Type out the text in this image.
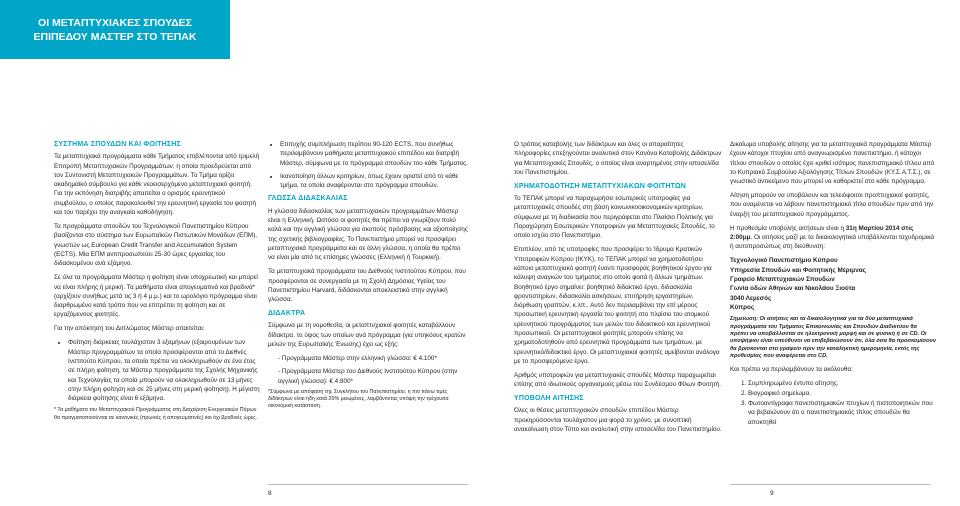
ΟΙ ΜΕΤΑΠΤΥΧΙΑΚΕΣ ΣΠΟΥΔΕΣ
ΕΠΙΠΕΔΟΥ ΜΑΣΤΕΡ ΣΤΟ ΤΕΠΑΚ
ΣΥΣΤΗΜΑ ΣΠΟΥΔΩΝ ΚΑΙ ΦΟΙΤΗΣΗΣ

Τα μεταπτυχιακά προγράμματα κάθε Τμήματος επιβλέπονται από τριμελή Επιτροπή Μεταπτυχιακών Προγραμμάτων, η οποία προεδρεύεται από τον Συντονιστή Μεταπτυχιακών Προγραμμάτων. Το Τμήμα ορίζει ακαδημαϊκό σύμβουλο για κάθε νεοεισερχόμενο μεταπτυχιακό φοιτητή. Για την εκπόνηση διατριβής απαιτείται ο ορισμός ερευνητικού συμβούλου, ο οποίος παρακολουθεί την ερευνητική εργασία του φοιτητή και του παρέχει την αναγκαία καθοδήγηση.

Τα προγράμματα σπουδών του Τεχνολογικού Πανεπιστημίου Κύπρου βασίζονται στο σύστημα των Ευρωπαϊκών Πιστωτικών Μονάδων (ΕΠΜ), γνωστών ως European Credit Transfer and Accumulation System (ECTS). Μία ΕΠΜ αντιπροσωπεύει 25-30 ώρες εργασίας του διδασκομένου ανά εξάμηνο.

Σε όλα τα προγράμματα Μάστερ η φοίτηση είναι υποχρεωτική και μπορεί να είναι πλήρης ή μερική. Τα μαθήματα είναι απογευματινά και βραδινά* (αρχίζουν συνήθως μετά τις 3 ή 4 μ.μ.) και το ωρολόγιο πρόγραμμα είναι διαρθρωμένο κατά τρόπο που να επιτρέπει τη φοίτηση και σε εργαζόμενους φοιτητές.

Για την απόκτηση του Διπλώματος Μάστερ απαιτείται:

• Φοίτηση διάρκειας τουλάχιστον 3 εξαμήνων (εξαιρουμένων των Μάστερ προγραμμάτων τα οποία προσφέρονται από το Διεθνές Ινστιτούτο Κύπρου, τα οποία πρέπει να ολοκληρωθούν σε ένα έτος σε πλήρη φοίτηση, τα Μάστερ προγράμματα της Σχολής Μηχανικής και Τεχνολογίας τα οποία μπορούν να ολοκληρωθούν σε 13 μήνες στην πλήρη φοίτηση και σε 25 μήνες στη μερική φοίτηση). Η μέγιστη διάρκεια φοίτησης είναι 6 εξάμηνα.
* Τα μαθήματα του Μεταπτυχιακού Προγράμματος στη Διαχείριση Ενεργειακών Πόρων θα πραγματοποιούνται σε κανονικές (πρωινές ή απογευματινές) και όχι βραδινές ώρες.
• Επιτυχής συμπλήρωση περίπου 90-120 ECTS, που συνήθως περιλαμβάνουν μαθήματα μεταπτυχιακού επιπέδου και διατριβή Μάστερ, σύμφωνα με το πρόγραμμα σπουδών του κάθε Τμήματος.
• Ικανοποίηση άλλων κριτηρίων, όπως έχουν οριστεί από το κάθε τμήμα, τα οποία αναφέρονται στο πρόγραμμα σπουδών.
ΓΛΩΣΣΑ ΔΙΔΑΣΚΑΛΙΑΣ

Η γλώσσα διδασκαλίας των μεταπτυχιακών προγραμμάτων Μάστερ είναι η Ελληνική. Ωστόσο οι φοιτητές θα πρέπει να γνωρίζουν πολύ καλά και την αγγλική γλώσσα για σκοπούς πρόσβασης και αξιοποίησης της σχετικής βιβλιογραφίας. Το Πανεπιστήμιο μπορεί να προσφέρει μεταπτυχιακά προγράμματα και σε άλλη γλώσσα, η οποία θα πρέπει να είναι μία από τις επίσημες γλώσσες (Ελληνική ή Τουρκική).

Τα μεταπτυχιακά προγράμματα του Διεθνούς Ινστιτούτου Κύπρου, που προσφέρονται σε συνεργασία με τη Σχολή Δημόσιας Υγείας του Πανεπιστημίου Harvard, διδάσκονται αποκλειστικά στην αγγλική γλώσσα.

ΔΙΔΑΚΤΡΑ

Σύμφωνα με τη νομοθεσία, οι μεταπτυχιακοί φοιτητές καταβάλλουν δίδακτρα, το ύψος των οποίων ανά πρόγραμμα (για υπηκόους κρατών μελών της Ευρωπαϊκής Ένωσης) έχει ως εξής:

- Προγράμματα Μάστερ στην ελληνική γλώσσα: € 4.100*
- Προγράμματα Μάστερ του Διεθνούς Ινστιτούτου Κύπρου (στην αγγλική γλώσσα): € 4.800*
*Σύμφωνα με απόφαση της Συγκλήτου του Πανεπιστημίου, η πιο πάνω τιμές διδάκτρων είναι ήδη κατά 20% μειωμένες, λαμβάνοντας υπόψη την τρέχουσα οικονομική κατάσταση.

Ο τρόπος καταβολής των διδάκτρων και όλες οι απαραίτητες πληροφορίες επεξηγούνται αναλυτικά στον Κανόνα Καταβολής Διδάκτρων για Μεταπτυχιακές Σπουδές, ο οποίος είναι αναρτημένος στην ιστοσελίδα του Πανεπιστημίου.

ΧΡΗΜΑΤΟΔΟΤΗΣΗ ΜΕΤΑΠΤΥΧΙΑΚΩΝ ΦΟΙΤΗΤΩΝ

Το ΤΕΠΑΚ μπορεί να παραχωρήσει εσωτερικές υποτροφίες για μεταπτυχιακές σπουδές στη βάση κοινωνικοοικονομικών κριτηρίων, σύμφωνα με τη διαδικασία που περιγράφεται στο Πλαίσιο Πολιτικής για Παραχώρηση Εσωτερικών Υποτροφιών για Μεταπτυχιακές Σπουδές, το οποίο ισχύει στο Πανεπιστήμιο.

Επιπλέον, από τις υποτροφίες που προσφέρει το Ίδρυμα Κρατικών Υποτροφιών Κύπρου (ΙΚΥΚ), το ΤΕΠΑΚ μπορεί να χρηματοδοτήσει κάποιο μεταπτυχιακό φοιτητή έναντι προσφοράς βοηθητικού έργου για κάλυψη αναγκών του τμήματος στο οποίο φοιτά ή άλλων τμημάτων. Βοηθητικό έργο σημαίνει: βοηθητικό διδακτικό έργο, διδασκαλία φροντιστηρίων, διδασκαλία ασκήσεων, επιτήρηση εργαστηρίων, διόρθωση γραπτών, κ.λπ.. Αυτό δεν περιλαμβάνει την επί μέρους προσωπική ερευνητική εργασία του φοιτητή στο πλαίσιο του ατομικού ερευνητικού προγράμματος των μελών του διδακτικού και ερευνητικού προσωπικού. Οι μεταπτυχιακοί φοιτητές μπορούν επίσης να χρηματοδοτηθούν από ερευνητικά προγράμματα των τμημάτων, με ερευνητικό/διδακτικό έργο. Οι μεταπτυχιακοί φοιτητές αμείβονται ανάλογα με το προσφερόμενο έργο.

Αριθμός υποτροφιών για μεταπτυχιακές σπουδές Μάστερ παραχωρείται επίσης από ιδιωτικούς οργανισμούς μέσω του Συνδέσμου Φίλων Φοιτητή.

ΥΠΟΒΟΛΗ ΑΙΤΗΣΗΣ

Όλες οι θέσεις μεταπτυχιακών σπουδών επιπέδου Μάστερ προκηρύσσονται τουλάχιστον μια φορά το χρόνο, με συνοπτική ανακοίνωση στον Τύπο και αναλυτική στην ιστοσελίδα του Πανεπιστημίου.

Δικαίωμα υποβολής αίτησης για τα μεταπτυχιακά προγράμματα Μάστερ έχουν κάτοχοι πτυχίου από αναγνωρισμένο πανεπιστήμιο, ή κάτοχοι τίτλου σπουδών ο οποίος έχει κριθεί ισότιμος πανεπιστημιακό τίτλου από το Κυπριακό Συμβούλιο Αξιολόγησης Τίτλων Σπουδών (ΚΥ.Σ.Α.Τ.Σ.), σε γνωστικό αντικείμενο που μπορεί να καθοριστεί στο κάθε πρόγραμμα.

Αίτηση μπορούν να υποβάλουν και τελειόφοιτοι προπτυχιακοί φοιτητές, που αναμένεται να λάβουν πανεπιστημιακό τίτλο σπουδών πριν από την έναρξη του μεταπτυχιακού προγράμματος.

Η προθεσμία υποβολής αιτήσεων είναι η 31η Μαρτίου 2014 στις 2:00μμ. Οι αιτήσεις μαζί με τα δικαιολογητικά υποβάλλονται ταχυδρομικά ή αυτοπροσώπως στη διεύθυνση:

Τεχνολογικό Πανεπιστήμιο Κύπρου
Υπηρεσία Σπουδών και Φοιτητικής Μέριμνας
Γραφείο Μεταπτυχιακών Σπουδών
Γωνία οδών Αθηνών και Νικολάου Ξιούτα
3040 Λεμεσός
Κύπρος
Σημείωση: Οι αιτήσεις και τα δικαιολογητικά για τα δύο μεταπτυχιακά προγράμματα του Τμήματος Επικοινωνίας και Σπουδών Διαδικτύου θα πρέπει να υποβάλλονται σε ηλεκτρονική μορφή και σε φυσική ή σε CD. Οι υποψήφιοι είναι υπεύθυνοι να επιβεβαιώσουν ότι, όλα όσα θα προσκομίσουν θα βρίσκονται στο γραφείο πριν την καταληκτική ημερομηνία, εντός της προθεσμίας που αναφέρεται στο CD.

Και πρέπει να περιλαμβάνουν τα ακόλουθα:

1. Συμπληρωμένο έντυπο αίτησης.
2. Βιογραφικό σημείωμα.
3. Φωτοαντίγραφα πανεπιστημιακών πτυχίων ή πιστοποιητικών που να βεβαιώνουν ότι ο πανεπιστημιακός τίτλος σπουδών θα αποκτηθεί
8	9
